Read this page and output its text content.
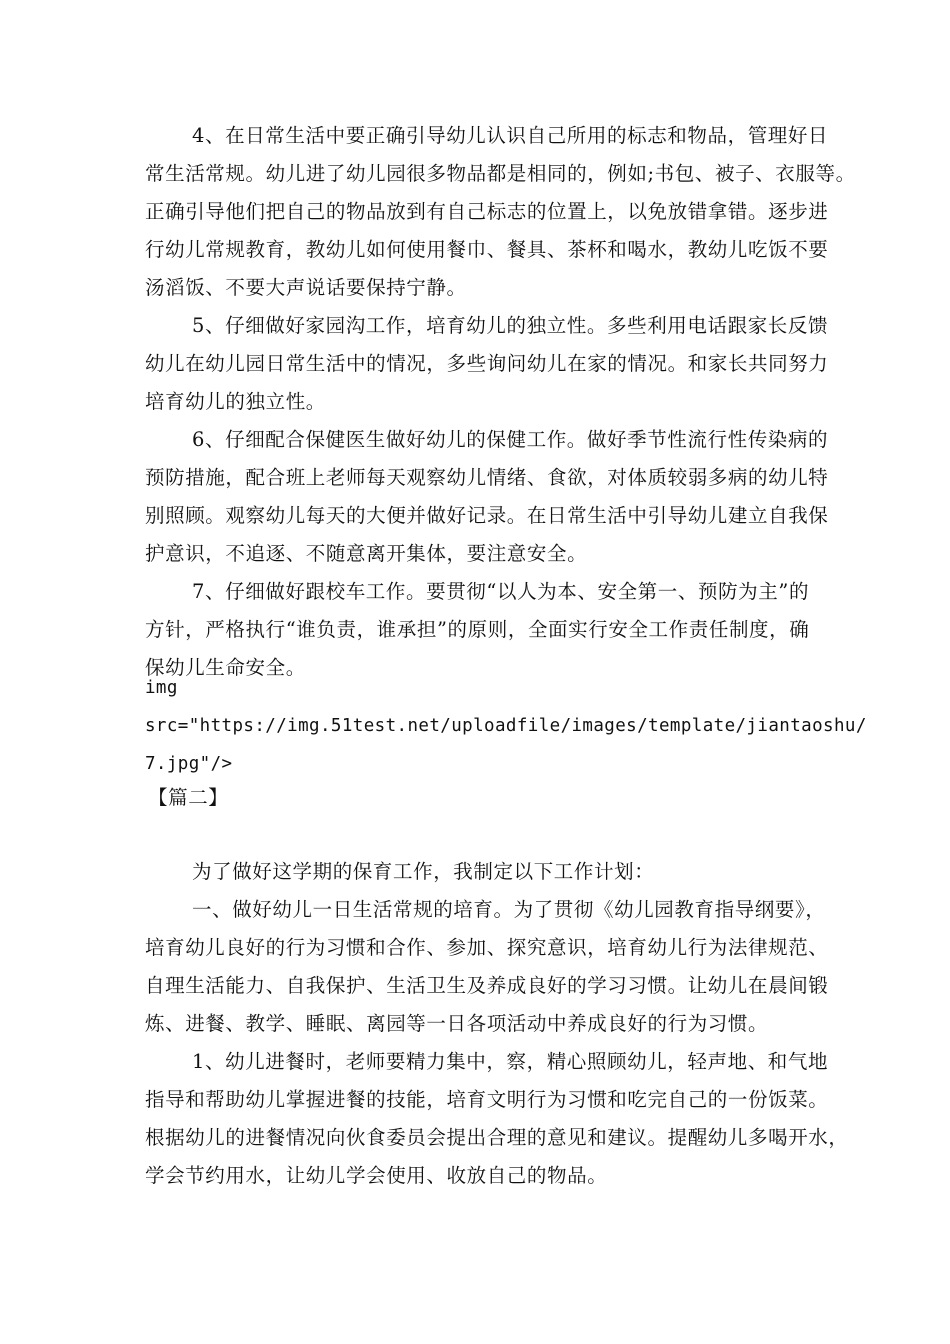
4、在日常生活中要正确引导幼儿认识自己所用的标志和物品，管理好日
常生活常规。幼儿进了幼儿园很多物品都是相同的，例如;书包、被子、衣服等。
正确引导他们把自己的物品放到有自己标志的位置上，以免放错拿错。逐步进
行幼儿常规教育，教幼儿如何使用餐巾、餐具、茶杯和喝水，教幼儿吃饭不要
汤滔饭、不要大声说话要保持宁静。
5、仔细做好家园沟工作，培育幼儿的独立性。多些利用电话跟家长反馈
幼儿在幼儿园日常生活中的情况，多些询问幼儿在家的情况。和家长共同努力
培育幼儿的独立性。
6、仔细配合保健医生做好幼儿的保健工作。做好季节性流行性传染病的
预防措施，配合班上老师每天观察幼儿情绪、食欲，对体质较弱多病的幼儿特
别照顾。观察幼儿每天的大便并做好记录。在日常生活中引导幼儿建立自我保
护意识，不追逐、不随意离开集体，要注意安全。
7、仔细做好跟校车工作。要贯彻“以人为本、安全第一、预防为主”的
方针，严格执行“谁负责，谁承担”的原则，全面实行安全工作责任制度，确
保幼儿生命安全。
img
src="https://img.51test.net/uploadfile/images/template/jiantaoshu/
7.jpg"/>
【篇二】
为了做好这学期的保育工作，我制定以下工作计划：
一、做好幼儿一日生活常规的培育。为了贯彻《幼儿园教育指导纲要》，
培育幼儿良好的行为习惯和合作、参加、探究意识，培育幼儿行为法律规范、
自理生活能力、自我保护、生活卫生及养成良好的学习习惯。让幼儿在晨间锻
炼、进餐、教学、睡眠、离园等一日各项活动中养成良好的行为习惯。
1、幼儿进餐时，老师要精力集中，察，精心照顾幼儿，轻声地、和气地
指导和帮助幼儿掌握进餐的技能，培育文明行为习惯和吃完自己的一份饭菜。
根据幼儿的进餐情况向伙食委员会提出合理的意见和建议。提醒幼儿多喝开水，
学会节约用水，让幼儿学会使用、收放自己的物品。
